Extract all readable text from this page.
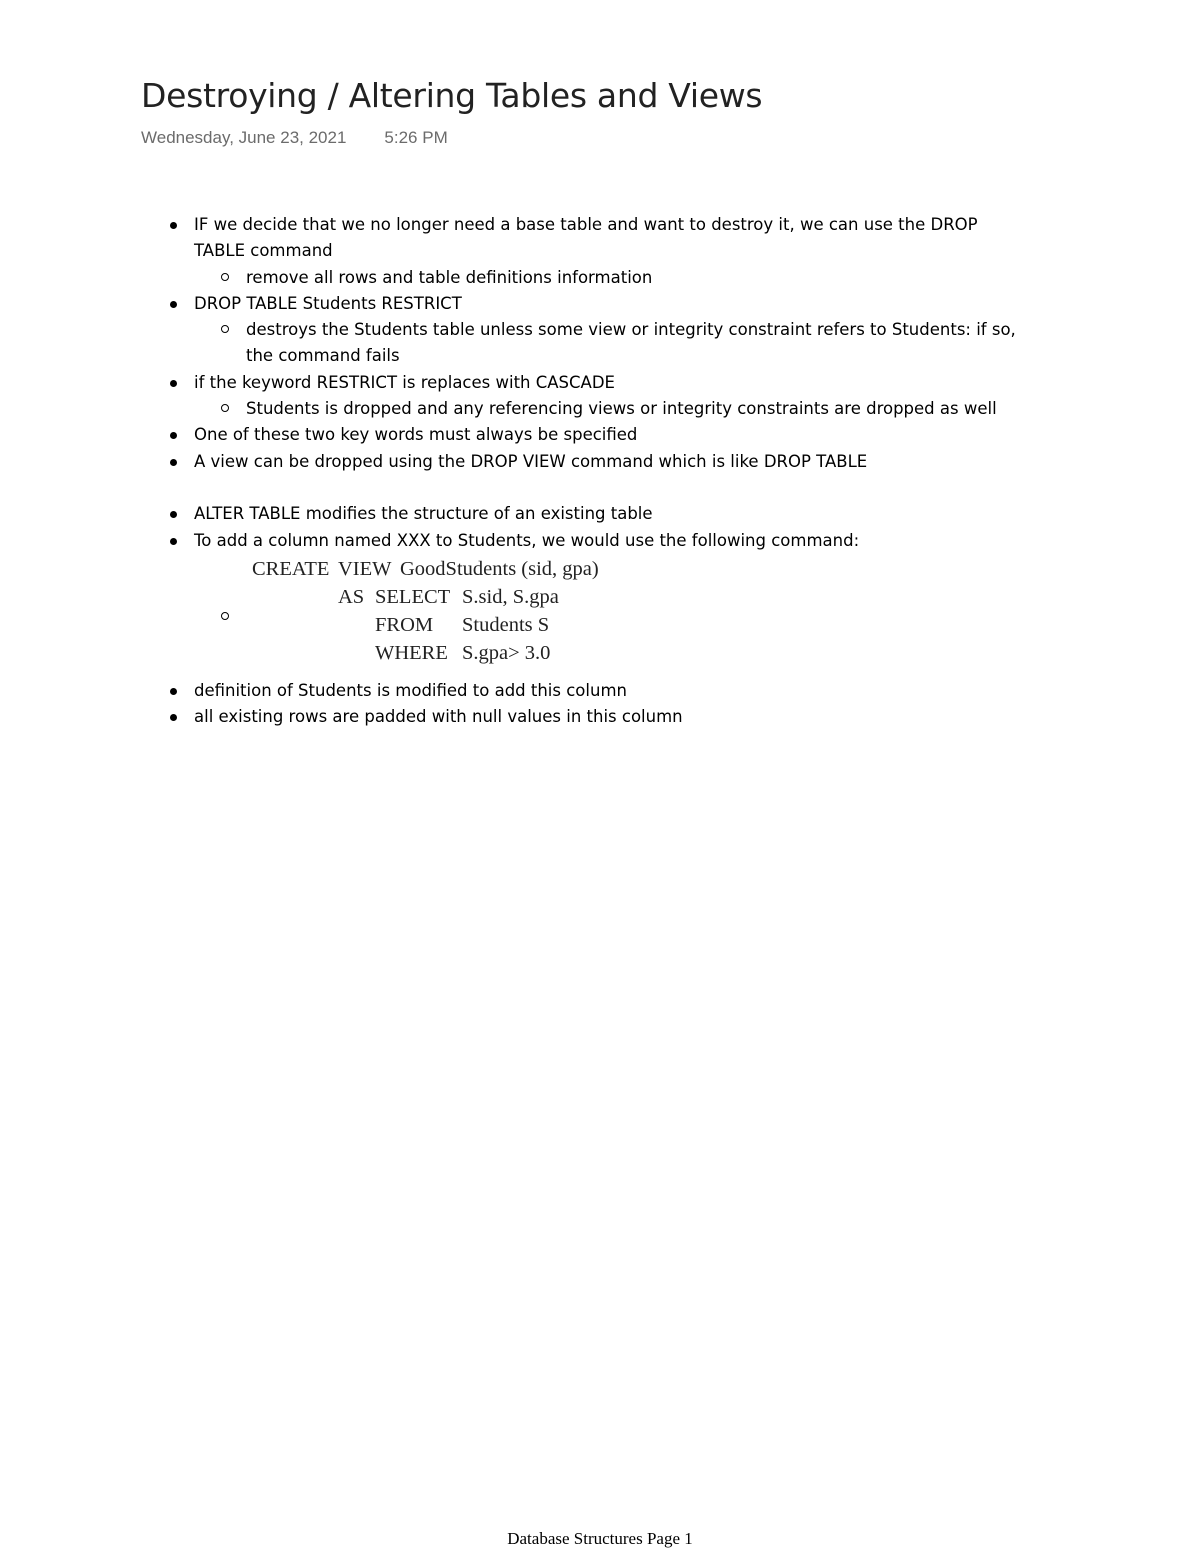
Destroying / Altering Tables and Views
Wednesday, June 23, 2021 5:26 PM
IF we decide that we no longer need a base table and want to destroy it, we can use the DROP
TABLE command
remove all rows and table definitions information
DROP TABLE Students RESTRICT
destroys the Students table unless some view or integrity constraint refers to Students: if so,
the command fails
if the keyword RESTRICT is replaces with CASCADE
Students is dropped and any referencing views or integrity constraints are dropped as well
One of these two key words must always be specified
A view can be dropped using the DROP VIEW command which is like DROP TABLE
ALTER TABLE modifies the structure of an existing table
To add a column named XXX to Students, we would use the following command:
CREATE VIEW GoodStudents (sid, gpa)
AS SELECT S.sid, S.gpa
FROM Students S
WHERE S.gpa> 3.0
definition of Students is modified to add this column
all existing rows are padded with null values in this column
Database Structures Page 1
